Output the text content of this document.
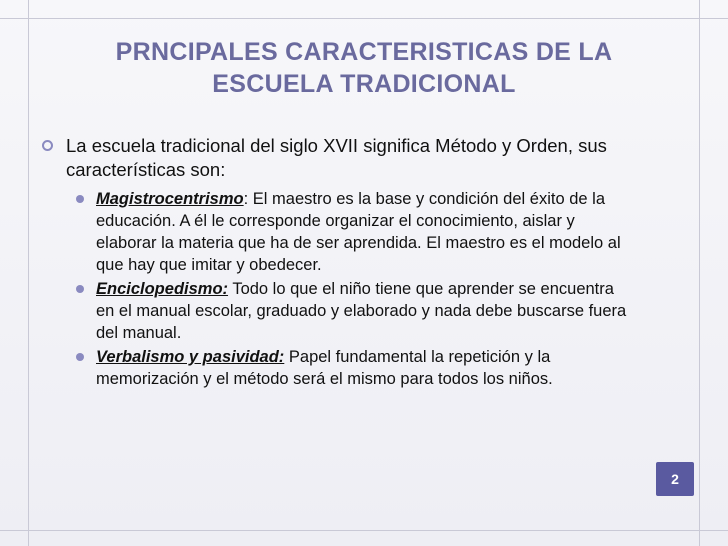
PRNCIPALES CARACTERISTICAS DE LA
ESCUELA TRADICIONAL
La escuela tradicional del siglo XVII significa Método y Orden, sus características son:
Magistrocentrismo: El maestro es la base y condición del éxito de la educación. A él le corresponde organizar el conocimiento, aislar y elaborar la materia que ha de ser aprendida. El maestro es el modelo al que hay que imitar y obedecer.
Enciclopedismo: Todo lo que el niño tiene que aprender se encuentra en el manual escolar, graduado y elaborado y nada debe buscarse fuera del manual.
Verbalismo y pasividad: Papel fundamental la repetición y la memorización y el método será el mismo para todos los niños.
2
